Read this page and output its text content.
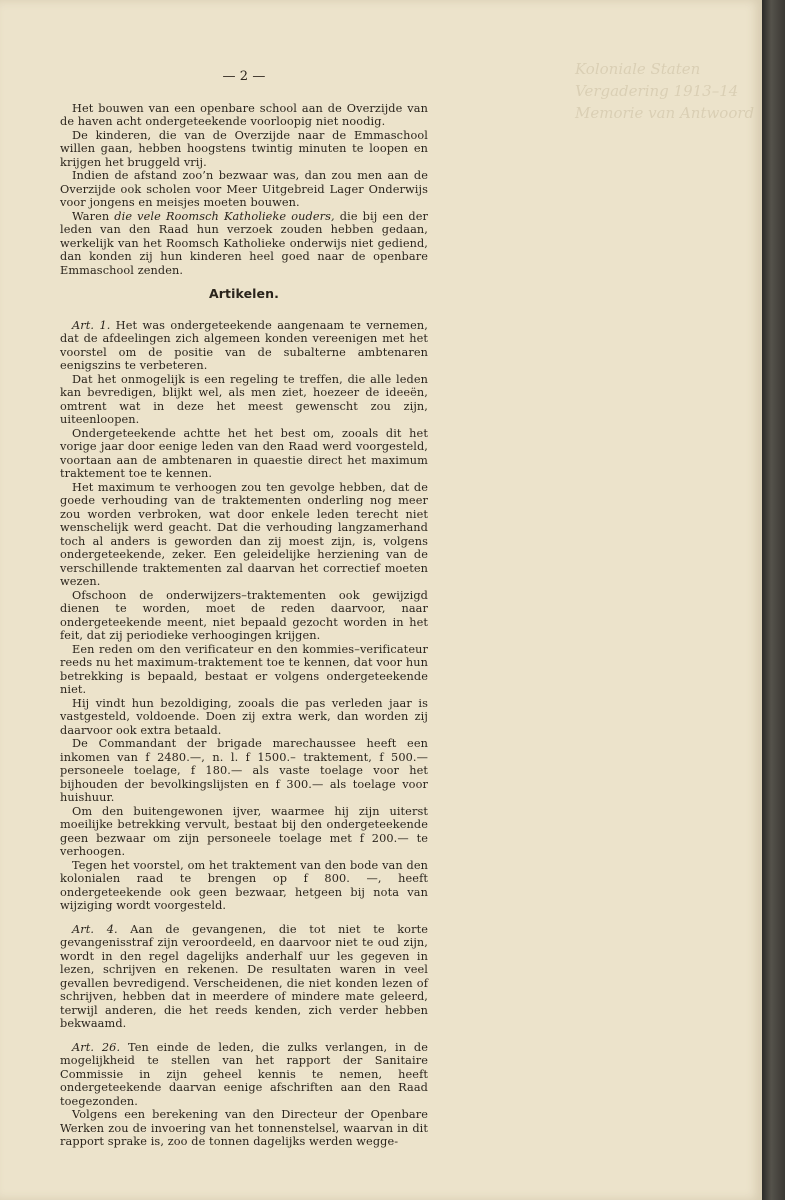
Koloniale Staten
Vergadering 1913–14
Memorie van Antwoord
— 2 —

Het bouwen van een openbare school aan de Overzijde van de haven acht ondergeteekende voorloopig niet noodig.

De kinderen, die van de Overzijde naar de Emmaschool willen gaan, hebben hoogstens twintig minuten te loopen en krijgen het bruggeld vrij.

Indien de afstand zoo’n bezwaar was, dan zou men aan de Overzijde ook scholen voor Meer Uitgebreid Lager Onderwijs voor jongens en meisjes moeten bouwen.

Waren die vele Roomsch Katholieke ouders, die bij een der leden van den Raad hun verzoek zouden hebben gedaan, werkelijk van het Roomsch Katholieke onderwijs niet gediend, dan konden zij hun kinderen heel goed naar de openbare Emmaschool zenden.

Artikelen.

Art. 1. Het was ondergeteekende aangenaam te vernemen, dat de afdeelingen zich algemeen konden vereenigen met het voorstel om de positie van de subalterne ambtenaren eenigszins te verbeteren.

Dat het onmogelijk is een regeling te treffen, die alle leden kan bevredigen, blijkt wel, als men ziet, hoezeer de ideeën, omtrent wat in deze het meest gewenscht zou zijn, uiteenloopen.

Ondergeteekende achtte het het best om, zooals dit het vorige jaar door eenige leden van den Raad werd voorgesteld, voortaan aan de ambtenaren in quaestie direct het maximum traktement toe te kennen.

Het maximum te verhoogen zou ten gevolge hebben, dat de goede verhouding van de traktementen onderling nog meer zou worden verbroken, wat door enkele leden terecht niet wenschelijk werd geacht. Dat die verhouding langzamerhand toch al anders is geworden dan zij moest zijn, is, volgens ondergeteekende, zeker. Een geleidelijke herziening van de verschillende traktementen zal daarvan het correctief moeten wezen.

Ofschoon de onderwijzers–traktementen ook gewijzigd dienen te worden, moet de reden daarvoor, naar ondergeteekende meent, niet bepaald gezocht worden in het feit, dat zij periodieke verhoogingen krijgen.

Een reden om den verificateur en den kommies–verificateur reeds nu het maximum-traktement toe te kennen, dat voor hun betrekking is bepaald, bestaat er volgens ondergeteekende niet.

Hij vindt hun bezoldiging, zooals die pas verleden jaar is vastgesteld, voldoende. Doen zij extra werk, dan worden zij daarvoor ook extra betaald.

De Commandant der brigade marechaussee heeft een inkomen van f 2480.—, n. l. f 1500.– traktement, f 500.— personeele toelage, f 180.— als vaste toelage voor het bijhouden der bevolkingslijsten en f 300.— als toelage voor huishuur.

Om den buitengewonen ijver, waarmee hij zijn uiterst moeilijke betrekking vervult, bestaat bij den ondergeteekende geen bezwaar om zijn personeele toelage met f 200.— te verhoogen.

Tegen het voorstel, om het traktement van den bode van den kolonialen raad te brengen op f 800. —, heeft ondergeteekende ook geen bezwaar, hetgeen bij nota van wijziging wordt voorgesteld.

Art. 4. Aan de gevangenen, die tot niet te korte gevangenisstraf zijn veroordeeld, en daarvoor niet te oud zijn, wordt in den regel dagelijks anderhalf uur les gegeven in lezen, schrijven en rekenen. De resultaten waren in veel gevallen bevredigend. Verscheidenen, die niet konden lezen of schrijven, hebben dat in meerdere of mindere mate geleerd, terwijl anderen, die het reeds kenden, zich verder hebben bekwaamd.

Art. 26. Ten einde de leden, die zulks verlangen, in de mogelijkheid te stellen van het rapport der Sanitaire Commissie in zijn geheel kennis te nemen, heeft ondergeteekende daarvan eenige afschriften aan den Raad toegezonden.

Volgens een berekening van den Directeur der Openbare Werken zou de invoering van het tonnenstelsel, waarvan in dit rapport sprake is, zoo de tonnen dagelijks werden wegge-
